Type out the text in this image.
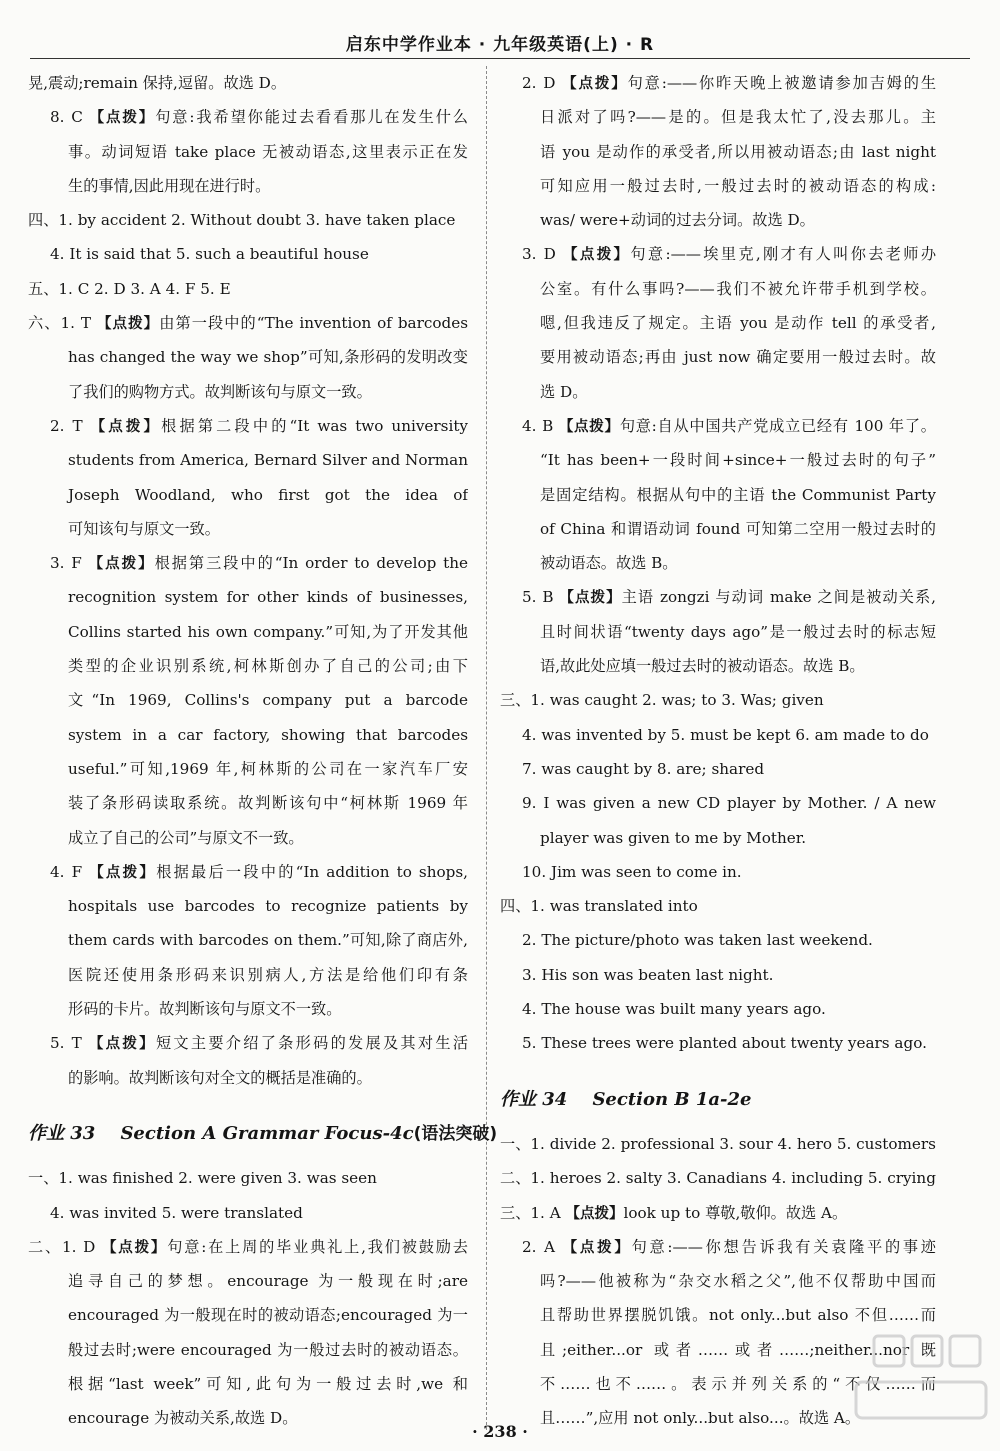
启东中学作业本 · 九年级英语(上) · R
晃,震动;remain 保持,逗留。故选 D。
8. C 【点拨】句意:我希望你能过去看看那儿在发生什么
事。动词短语 take place 无被动语态,这里表示正在发
生的事情,因此用现在进行时。
四、1. by accident 2. Without doubt 3. have taken place
4. It is said that 5. such a beautiful house
五、1. C 2. D 3. A 4. F 5. E
六、1. T 【点拨】由第一段中的“The invention of barcodes
has changed the way we shop”可知,条形码的发明改变
了我们的购物方式。故判断该句与原文一致。
2. T 【点拨】根据第二段中的“It was two university
students from America, Bernard Silver and Norman
Joseph Woodland, who first got the idea of
可知该句与原文一致。
3. F 【点拨】根据第三段中的“In order to develop the
recognition system for other kinds of businesses,
Collins started his own company.”可知,为了开发其他
类型的企业识别系统,柯林斯创办了自己的公司;由下
文“In 1969, Collins's company put a barcode
system in a car factory, showing that barcodes
useful.”可知,1969 年,柯林斯的公司在一家汽车厂安
装了条形码读取系统。故判断该句中“柯林斯 1969 年
成立了自己的公司”与原文不一致。
4. F 【点拨】根据最后一段中的“In addition to shops,
hospitals use barcodes to recognize patients by
them cards with barcodes on them.”可知,除了商店外,
医院还使用条形码来识别病人,方法是给他们印有条
形码的卡片。故判断该句与原文不一致。
5. T 【点拨】短文主要介绍了条形码的发展及其对生活
的影响。故判断该句对全文的概括是准确的。
作业 33 Section A Grammar Focus-4c(语法突破)
一、1. was finished 2. were given 3. was seen
4. was invited 5. were translated
二、1. D 【点拨】句意:在上周的毕业典礼上,我们被鼓励去
追寻自己的梦想。encourage 为一般现在时;are
encouraged 为一般现在时的被动语态;encouraged 为一
般过去时;were encouraged 为一般过去时的被动语态。
根据“last week”可知,此句为一般过去时,we 和
encourage 为被动关系,故选 D。
2. D 【点拨】句意:——你昨天晚上被邀请参加吉姆的生
日派对了吗?——是的。但是我太忙了,没去那儿。主
语 you 是动作的承受者,所以用被动语态;由 last night
可知应用一般过去时,一般过去时的被动语态的构成:
was/ were+动词的过去分词。故选 D。
3. D 【点拨】句意:——埃里克,刚才有人叫你去老师办
公室。有什么事吗?——我们不被允许带手机到学校。
嗯,但我违反了规定。主语 you 是动作 tell 的承受者,
要用被动语态;再由 just now 确定要用一般过去时。故
选 D。
4. B 【点拨】句意:自从中国共产党成立已经有 100 年了。
“It has been+一段时间+since+一般过去时的句子”
是固定结构。根据从句中的主语 the Communist Party
of China 和谓语动词 found 可知第二空用一般过去时的
被动语态。故选 B。
5. B 【点拨】主语 zongzi 与动词 make 之间是被动关系,
且时间状语“twenty days ago”是一般过去时的标志短
语,故此处应填一般过去时的被动语态。故选 B。
三、1. was caught 2. was; to 3. Was; given
4. was invented by 5. must be kept 6. am made to do
7. was caught by 8. are; shared
9. I was given a new CD player by Mother. / A new
player was given to me by Mother.
10. Jim was seen to come in.
四、1. was translated into
2. The picture/photo was taken last weekend.
3. His son was beaten last night.
4. The house was built many years ago.
5. These trees were planted about twenty years ago.
作业 34 Section B 1a-2e
一、1. divide 2. professional 3. sour 4. hero 5. customers
二、1. heroes 2. salty 3. Canadians 4. including 5. crying
三、1. A 【点拨】look up to 尊敬,敬仰。故选 A。
2. A 【点拨】句意:——你想告诉我有关袁隆平的事迹
吗?——他被称为“杂交水稻之父”,他不仅帮助中国而
且帮助世界摆脱饥饿。not only...but also 不但……而
且;either...or 或者……或者……;neither...nor 既
不……也不……。表示并列关系的“不仅……而
且……”,应用 not only...but also...。故选 A。
· 238 ·
